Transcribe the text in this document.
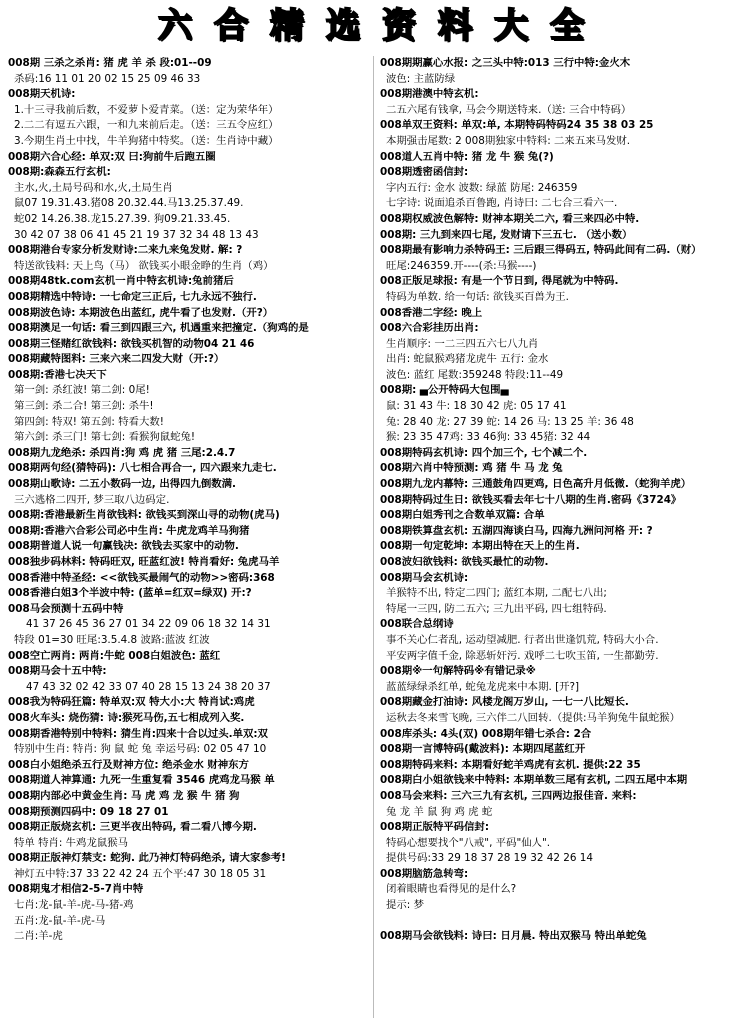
六 合 精 选 资 料 大 全
008期 三杀之杀肖: 猪 虎 羊 杀 段:01--09
杀码:16 11 01 20 02 15 25 09 46 33
008期天机诗:
1.十三寻我前后数，不爱萝卜爱青菜。（送：定为荣华年）
2.二二有逗五六跟，一和九来前后走。（送：三五令应红）
3.今期生肖土中找，牛羊狗猪中特奖。（送：生肖诗中藏）
008期六合心经: 单双:双 曰:狗前牛后跑五圈
008期:森森五行玄机:
主水,火,土局号码和水,火,土局生肖
鼠07 19.31.43.猪08 20.32.44.马13.25.37.49.
蛇02 14.26.38.龙15.27.39. 狗09.21.33.45.
30 42 07 38 06 41 45 21 19 37 32 34 48 13 43
008期港台专家分析发财诗:二来九来兔发财. 解: ?
特送欲钱料: 天上鸟（马） 欲钱买小眼金睁的生肖（鸡）
008期48tk.com玄机一肖中特玄机诗:兔前猪后
008期精选中特诗: 一七命定三正后, 七九永远不独行.
008期波色诗: 本期波色出蓝红, 虎牛看了也发财.（开?）
008期澳足一句话: 看三到四跟三六, 机遇重来把撞定.（狗鸡的是
008期三怪赌红欲钱料: 欲钱买机智的动物04 21 46
008期藏特图料: 三来六来二四发大财（开:?）
008期:香港七决天下
第一剑: 杀红波! 第二剑: 0尾!
第三剑: 杀二合! 第三剑: 杀牛!
第四剑: 特双! 第五剑: 特看大数!
第六剑: 杀三门! 第七剑: 看猴狗鼠蛇兔!
008期九龙绝杀: 杀四肖:狗 鸡 虎 猪 三尾:2.4.7
008期两句经(猜特码): 八七相合再合一, 四六跟来九走七.
008期山歌诗: 二五小数码一边, 出得四九倒数满.
三六逃格二四开, 梦三取八边码定.
008期:香港最新生肖欲钱料: 欲钱买到深山寻的动物(虎马)
008期:香港六合彩公司必中生肖: 牛虎龙鸡羊马狗猪
008期普道人说一句赢钱决: 欲钱去买家中的动物.
008独步码林料: 特码旺双, 旺蓝红波! 特肖看好: 兔虎马羊
008香港中特圣经: <<欲钱买最闹气的动物>>密码:368
008香港白姐3个半波中特: (蓝单=红双=绿双) 开:?
008马会预测十五码中特
41 37 26 45 36 27 01 34 22 09 06 18 32 14 31
特段 01=30 旺尾:3.5.4.8 波路:蓝波 红波
008空亡两肖: 两肖:牛蛇 008白姐波色: 蓝红
008期马会十五中特:
47 43 32 02 42 33 07 40 28 15 13 24 38 20 37
008我为特码狂篇: 特单双:双 特大小:大 特肖试:鸡虎
008火车头: 烧伤猜: 诗:猴死马伤,五七相成列入奖.
008期香港特别中特料: 猜生肖:四来十合以过头.单双:双
特别中生肖: 特肖: 狗 鼠 蛇 兔 幸运号码: 02 05 47 10
008白小姐绝杀五行及财神方位: 绝杀金水 财神东方
008期道人神算通: 九死一生重复看 3546 虎鸡龙马猴 单
008期内部必中黄金生肖: 马 虎 鸡 龙 猴 牛 猪 狗
008期预测四码中: 09 18 27 01
008期正版烧玄机: 三更半夜出特码, 看二看八博今期.
特单 特肖: 牛鸡龙鼠猴马
008期正版神灯禁支: 蛇狗. 此乃神灯特码绝杀, 请大家参考!
神灯五中特:37 33 22 42 24 五个平:47 30 18 05 31
008期鬼才相信2-5-7肖中特
七肖:龙-鼠-羊-虎-马-猪-鸡
五肖:龙-鼠-羊-虎-马
二肖:羊-虎
008期期赢心水报: 之三头中特:013 三行中特:金火木
波色: 主蓝防绿
008期港澳中特玄机:
二五六尾有钱拿, 马会今期送特来.（送: 三合中特码）
008单双王资料: 单双:单, 本期特码特码24 35 38 03 25
本期强击尾数: 2 008期独家中特料: 二来五来马发财.
008道人五肖中特: 猪 龙 牛 猴 兔(?)
008期透密函信封:
字内五行: 金水 波数: 绿蓝 防尾: 246359
七字诗: 说面追杀百鲁跑, 肖诗曰: 二七合三看六一.
008期权威波色解特: 财神本期关二六, 看三来四必中特.
008期: 三九到来四七尾, 发财请下三五七. （送小数）
008期最有影响力杀特码王: 三后跟三得码五, 特码此间有二码.（财）
旺尾:246359.开----(杀:马猴----)
008正版足球报: 有是一个节日到, 得尾就为中特码.
特码为单数. 给一句话: 欲钱买百兽为王.
008香港二字经: 晚上
008六合彩挂历出肖:
生肖顺序: 一二三四五六七八九肖
出肖: 蛇鼠猴鸡猪龙虎牛 五行: 金水
波色: 蓝红 尾数:359248 特段:11--49
008期: ▄公开特码大包围▄
鼠: 31 43 牛: 18 30 42 虎: 05 17 41
兔: 28 40 龙: 27 39 蛇: 14 26 马: 13 25 羊: 36 48
猴: 23 35 47鸡: 33 46狗: 33 45猪: 32 44
008期特码玄机诗: 四个加三个, 七个减二个.
008期六肖中特预测: 鸡 猪 牛 马 龙 兔
008期九龙内幕特: 三通鼓角四更鸡, 日色高升月低微.（蛇狗羊虎）
008期特码过生日: 欲钱买看去年七十八期的生肖.密码《3724》
008期白姐秀刊之合数单双篇: 合单
008期铁算盘玄机: 五湖四海谈白马, 四海九洲问河格 开: ?
008期一句定乾坤: 本期出特在天上的生肖.
008波妇欲钱料: 欲钱买最忙的动物.
008期马会玄机诗:
羊猴特不出, 特定二四门; 蓝红本期, 二配七八出;
特尾一三四, 防二五六; 三九出平码, 四七组特码.
008联合总纲诗
事不关心仁者乱, 运动望减肥. 行者出世逢饥荒, 特码大小合.
平安两字值千金, 除恶斩奸污. 戏呼二七吹玉笛, 一生都勤劳.
008期※一句解特码※有错记录※
蓝蓝绿绿杀红单, 蛇兔龙虎来中本期. [开?]
008期藏金打油诗: 风楼龙阁万岁山, 一七一八比短长.
运秋去冬来雪飞晚, 三六伴二八回转.（提供:马羊狗兔牛鼠蛇猴）
008库杀头: 4头(双) 008期年错七杀合: 2合
008期一言博特码(戴波料): 本期四尾蓝红开
008期特码来料: 本期看好蛇羊鸡虎有玄机. 提供:22 35
008期白小姐欲钱来中特料: 本期单数三尾有玄机, 二四五尾中本期
008马会来料: 三六三九有玄机, 三四两边报佳音. 来料:
兔 龙 羊 鼠 狗 鸡 虎 蛇
008期正版特平码信封:
特码心想要找个"八戒", 平码"仙人".
提供号码:33 29 18 37 28 19 32 42 26 14
008期脑筋急转弯:
闭着眼睛也看得见的是什么?
提示: 梦
008期马会欲钱料: 诗曰: 日月晨. 特出双猴马 特出单蛇兔
